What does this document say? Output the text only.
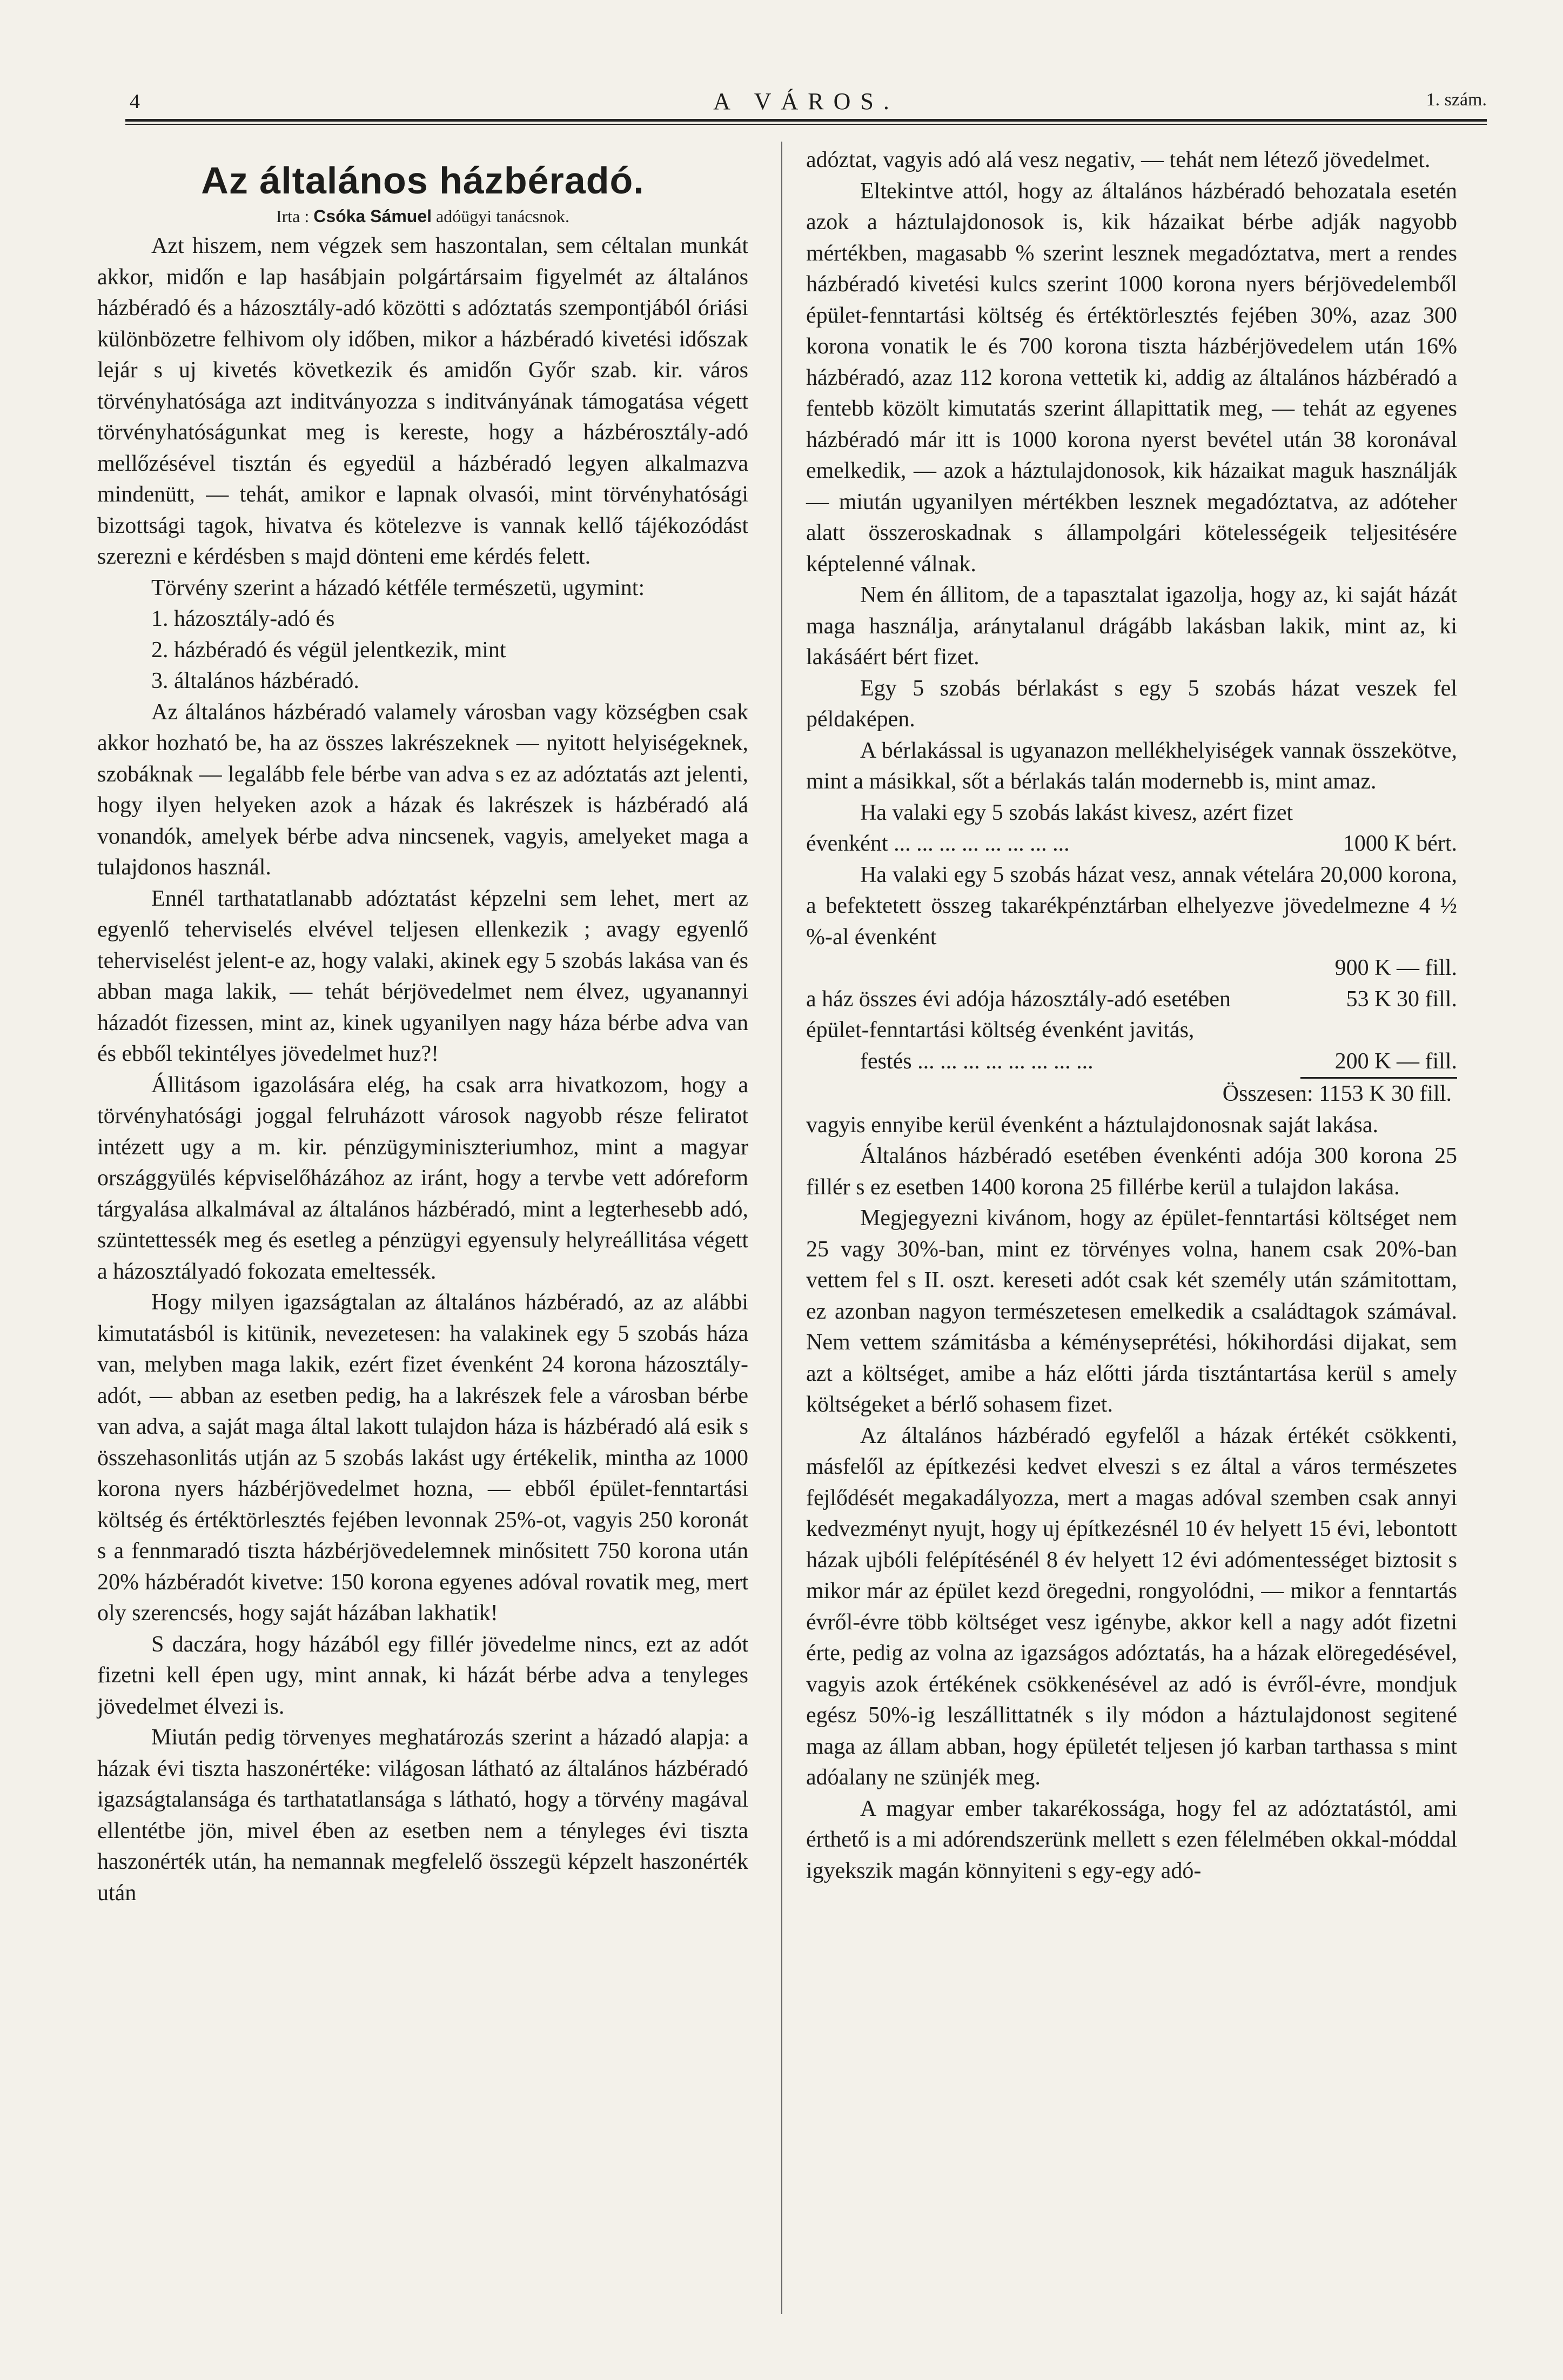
4	A VÁROS.	1. szám.
Az általános házbéradó.
Irta : Csóka Sámuel adóügyi tanácsnok.

Azt hiszem, nem végzek sem haszontalan, sem céltalan munkát akkor, midőn e lap hasábjain polgártársaim figyelmét az általános házbéradó és a házosztály-adó közötti s adóztatás szempontjából óriási különbözetre felhivom oly időben, mikor a házbéradó kivetési időszak lejár s uj kivetés következik és amidőn Győr szab. kir. város törvényhatósága azt inditványozza s inditványának támogatása végett törvényhatóságunkat meg is kereste, hogy a házbérosztály-adó mellőzésével tisztán és egyedül a házbéradó legyen alkalmazva mindenütt, — tehát, amikor e lapnak olvasói, mint törvényhatósági bizottsági tagok, hivatva és kötelezve is vannak kellő tájékozódást szerezni e kérdésben s majd dönteni eme kérdés felett.

Törvény szerint a házadó kétféle természetü, ugymint:

1. házosztály-adó és
2. házbéradó és végül jelentkezik, mint
3. általános házbéradó.

Az általános házbéradó valamely városban vagy községben csak akkor hozható be, ha az összes lakrészeknek — nyitott helyiségeknek, szobáknak — legalább fele bérbe van adva s ez az adóztatás azt jelenti, hogy ilyen helyeken azok a házak és lakrészek is házbéradó alá vonandók, amelyek bérbe adva nincsenek, vagyis, amelyeket maga a tulajdonos használ.

Ennél tarthatatlanabb adóztatást képzelni sem lehet, mert az egyenlő teherviselés elvével teljesen ellenkezik ; avagy egyenlő teherviselést jelent-e az, hogy valaki, akinek egy 5 szobás lakása van és abban maga lakik, — tehát bérjövedelmet nem élvez, ugyanannyi házadót fizessen, mint az, kinek ugyanilyen nagy háza bérbe adva van és ebből tekintélyes jövedelmet huz?!

Állitásom igazolására elég, ha csak arra hivatkozom, hogy a törvényhatósági joggal felruházott városok nagyobb része feliratot intézett ugy a m. kir. pénzügyminiszteriumhoz, mint a magyar országgyülés képviselőházához az iránt, hogy a tervbe vett adóreform tárgyalása alkalmával az általános házbéradó, mint a legterhesebb adó, szüntettessék meg és esetleg a pénzügyi egyensuly helyreállitása végett a házosztályadó fokozata emeltessék.

Hogy milyen igazságtalan az általános házbéradó, az az alábbi kimutatásból is kitünik, nevezetesen: ha valakinek egy 5 szobás háza van, melyben maga lakik, ezért fizet évenként 24 korona házosztály-adót, — abban az esetben pedig, ha a lakrészek fele a városban bérbe van adva, a saját maga által lakott tulajdon háza is házbéradó alá esik s összehasonlitás utján az 5 szobás lakást ugy értékelik, mintha az 1000 korona nyers házbérjövedelmet hozna, — ebből épület-fenntartási költség és értéktörlesztés fejében levonnak 25%-ot, vagyis 250 koronát s a fennmaradó tiszta házbérjövedelemnek minősitett 750 korona után 20% házbéradót kivetve: 150 korona egyenes adóval rovatik meg, mert oly szerencsés, hogy saját házában lakhatik!

S daczára, hogy házából egy fillér jövedelme nincs, ezt az adót fizetni kell épen ugy, mint annak, ki házát bérbe adva a tenyleges jövedelmet élvezi is.

Miután pedig törvenyes meghatározás szerint a házadó alapja: a házak évi tiszta haszonértéke: világosan látható az általános házbéradó igazságtalansága és tarthatatlansága s látható, hogy a törvény magával ellentétbe jön, mivel ében az esetben nem a tényleges évi tiszta haszonérték után, ha nemannak megfelelő összegü képzelt haszonérték után

adóztat, vagyis adó alá vesz negativ, — tehát nem létező jövedelmet.

Eltekintve attól, hogy az általános házbéradó behozatala esetén azok a háztulajdonosok is, kik házaikat bérbe adják nagyobb mértékben, magasabb % szerint lesznek megadóztatva, mert a rendes házbéradó kivetési kulcs szerint 1000 korona nyers bérjövedelemből épület-fenntartási költség és értéktörlesztés fejében 30%, azaz 300 korona vonatik le és 700 korona tiszta házbérjövedelem után 16% házbéradó, azaz 112 korona vettetik ki, addig az általános házbéradó a fentebb közölt kimutatás szerint állapittatik meg, — tehát az egyenes házbéradó már itt is 1000 korona nyerst bevétel után 38 koronával emelkedik, — azok a háztulajdonosok, kik házaikat maguk használják — miután ugyanilyen mértékben lesznek megadóztatva, az adóteher alatt összeroskadnak s állampolgári kötelességeik teljesitésére képtelenné válnak.

Nem én állitom, de a tapasztalat igazolja, hogy az, ki saját házát maga használja, aránytalanul drágább lakásban lakik, mint az, ki lakásáért bért fizet.

Egy 5 szobás bérlakást s egy 5 szobás házat veszek fel példaképen.

A bérlakással is ugyanazon mellékhelyiségek vannak összekötve, mint a másikkal, sőt a bérlakás talán modernebb is, mint amaz.

Ha valaki egy 5 szobás lakást kivesz, azért fizet

évenként ... ... ... ... ... ... ... ...	1000 K bért.

Ha valaki egy 5 szobás házat vesz, annak vételára 20,000 korona, a befektetett összeg takarékpénztárban elhelyezve jövedelmezne 4 ½ %-al évenként

900 K — fill.
a ház összes évi adója házosztály-adó esetében	53 K 30 fill.

épület-fenntartási költség évenként javitás,

festés ... ... ... ... ... ... ... ...	200 K — fill.
Összesen: 1153 K 30 fill.

vagyis ennyibe kerül évenként a háztulajdonosnak saját lakása.

Általános házbéradó esetében évenkénti adója 300 korona 25 fillér s ez esetben 1400 korona 25 fillérbe kerül a tulajdon lakása.

Megjegyezni kivánom, hogy az épület-fenntartási költséget nem 25 vagy 30%-ban, mint ez törvényes volna, hanem csak 20%-ban vettem fel s II. oszt. kereseti adót csak két személy után számitottam, ez azonban nagyon természetesen emelkedik a családtagok számával. Nem vettem számitásba a kéményseprétési, hókihordási dijakat, sem azt a költséget, amibe a ház előtti járda tisztántartása kerül s amely költségeket a bérlő sohasem fizet.

Az általános házbéradó egyfelől a házak értékét csökkenti, másfelől az építkezési kedvet elveszi s ez által a város természetes fejlődését megakadályozza, mert a magas adóval szemben csak annyi kedvezményt nyujt, hogy uj építkezésnél 10 év helyett 15 évi, lebontott házak ujbóli felépítésénél 8 év helyett 12 évi adómentességet biztosit s mikor már az épület kezd öregedni, rongyolódni, — mikor a fenntartás évről-évre több költséget vesz igénybe, akkor kell a nagy adót fizetni érte, pedig az volna az igazságos adóztatás, ha a házak elöregedésével, vagyis azok értékének csökkenésével az adó is évről-évre, mondjuk egész 50%-ig leszállittatnék s ily módon a háztulajdonost segitené maga az állam abban, hogy épületét teljesen jó karban tarthassa s mint adóalany ne szünjék meg.

A magyar ember takarékossága, hogy fel az adóztatástól, ami érthető is a mi adórendszerünk mellett s ezen félelmében okkal-móddal igyekszik magán könnyiteni s egy-egy adó-
